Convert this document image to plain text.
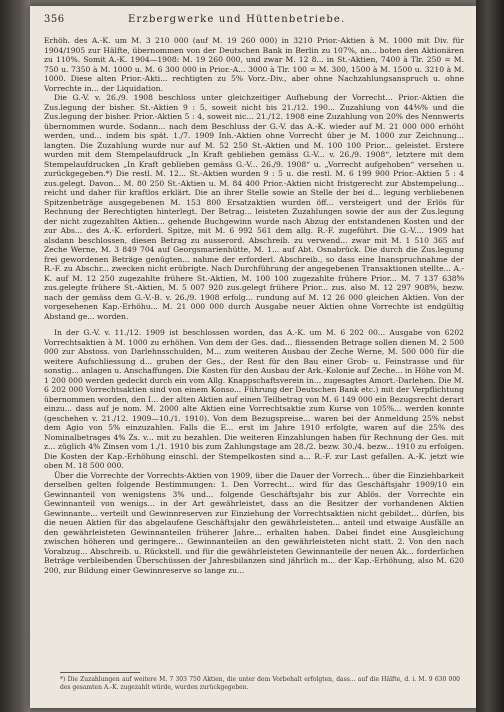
356	Erzbergwerke und Hüttenbetriebe.

Erhöh. des A.-K. um M. 3 210 000 (auf M. 19 260 000) in 3210 Prior.-Aktien à M. 1000 mit Div. für 1904/1905 zur Hälfte, übernommen von der Deutschen Bank in Berlin zu 107%, an... boten den Aktionären zu 110%. Somit A.-K. 1904—1908: M. 19 260 000, und zwar M. 12 8... in St.-Aktien, 7400 à Tlr. 250 = M. 750 u. 7350 à M. 1000 u. M. 6 300 000 in Prior.-A... 3000 à Tlr. 100 = M. 300, 1500 à M. 1500 u. 3210 à M. 1000. Diese alten Prior.-Akti... rechtigten zu 5% Vorz.-Div., aber ohne Nachzahlungsanspruch u. ohne Vorrechte in... der Liquidation.

Die G.-V. v. 26./9. 1908 beschloss unter gleichzeitiger Aufhebung der Vorrecht... Prior.-Aktien die Zus.legung der bisher. St.-Aktien 9 : 5, soweit nicht bis 21./12. 190... Zuzahlung von 44⁴⁄₉% und die Zus.legung der bisher. Prior.-Aktien 5 : 4, soweit nic... 21./12. 1908 eine Zuzahlung von 20% des Nennwerts übernommen wurde. Sodann... nach dem Beschluss der G.-V. das A.-K. wieder auf M. 21 000 000 erhöht werden, und... indem bis spät. 1./7. 1909 Inh.-Aktien ohne Vorrecht über je M. 1000 zur Zeichnung... langten. Die Zuzahlung wurde nur auf M. 52 250 St.-Aktien und M. 100 100 Prior... geleistet. Erstere wurden mit dem Stempelaufdruck „In Kraft geblieben gemäss G.-V... v. 26./9. 1908“, letztere mit dem Stempelaufdrucken „In Kraft geblieben gemäss G.-V... 26./9. 1908“ u. „Vorrecht aufgehoben“ versehen u. zurückgegeben.*) Die restl. M. 12... St.-Aktien wurden 9 : 5 u. die restl. M. 6 199 900 Prior.-Aktien 5 : 4 zus.gelegt. Davon... M. 80 250 St.-Aktien u. M. 84 400 Prior.-Aktien nicht fristgerecht zur Abstempelung... reicht und daher für kraftlos erklärt. Die an ihrer Stelle sowie an Stelle der bei d... legung verbliebenen Spitzenbeträge ausgegebenen M. 153 800 Ersatzaktien wurden öff... versteigert und der Erlös für Rechnung der Berechtigten hinterlegt. Der Betrag... leisteten Zuzahlungen sowie der aus der Zus.legung der nicht zugezahlten Aktien... gehende Buchgewinn wurde nach Abzug der entstandenen Kosten und der zur Abs... des A.-K. erforderl. Spitze, mit M. 6 992 561 dem allg. R.-F. zugeführt. Die G.-V.... 1909 hat alsdann beschlossen, diesen Betrag zu ausserord. Abschreib. zu verwend... zwar mit M. 1 510 365 auf Zeche Werne, M. 3 849 704 auf Georgsmarienhütte, M. 1... auf Abt. Osnabrück. Die durch die Zus.legung frei gewordenen Beträge genügten... nahme der erforderl. Abschreib., so dass eine Inanspruchnahme der R.-F. zu Abschr... zwecken nicht erübrigte. Nach Durchführung der angegebenen Transaktionen stellte... A.-K. auf M. 12 250 zugezahlte frühere St.-Aktien, M. 100 100 zugezahlte frühere Prior... M. 7 137 638⁸⁄₉ zus.gelegte frühere St.-Aktien, M. 5 007 920 zus.gelegt frühere Prior... zus. also M. 12 297 908⁸⁄₉, bezw. nach der gemäss dem G.-V.-B. v. 26./9. 1908 erfolg... rundung auf M. 12 26 000 gleichen Aktien. Von der vorgesehenen Kap.-Erhöhu... M. 21 000 000 durch Ausgabe neuer Aktien ohne Vorrechte ist endgültig Abstand ge... worden.

In der G.-V. v. 11./12. 1909 ist beschlossen worden, das A.-K. um M. 6 202 00... Ausgabe von 6202 Vorrechtsaktien à M. 1000 zu erhöhen. Von dem der Ges. dad... fliessenden Betrage sollen dienen M. 2 500 000 zur Abstoss. von Darlehnsschulden, M... zum weiteren Ausbau der Zeche Werne, M. 500 000 für die weitere Aufschliessung d... gruben der Ges., der Rest für den Bau einer Grob- u. Feinstrasse und für sonstig... anlagen u. Anschaffungen. Die Kosten für den Ausbau der Ark.-Kolonie auf Zeche... in Höhe von M. 1 200 000 werden gedeckt durch ein vom Allg. Knappschaftsverein in... zugesagtes Amort.-Darlehen. Die M. 6 202 000 Vorrechtsaktien sind von einem Konso... Führung der Deutschen Bank etc.) mit der Verpflichtung übernommen worden, den I... der alten Aktien auf einen Teilbetrag von M. 6 149 000 ein Bezugsrecht derart einzu... dass auf je nom. M. 2000 alte Aktien eine Vorrechtsaktie zum Kurse von 105%... werden konnte (geschehen v. 21./12. 1909—10./1. 1910). Von dem Bezugspreise... waren bei der Anmeldung 25% nebst dem Agio von 5% einzuzahlen. Falls die E... erst im Jahre 1910 erfolgte, waren auf die 25% des Nominalbetrages 4% Zs. v... mit zu bezahlen. Die weiteren Einzahlungen haben für Rechnung der Ges. mit z... züglich 4% Zinsen vom 1./1. 1910 bis zum Zahlungstage am 28./2. bezw. 30./4. bezw... 1910 zu erfolgen. Die Kosten der Kap.-Erhöhung einschl. der Stempelkosten sind a... R.-F. zur Last gefallen. A.-K. jetzt wie oben M. 18 500 000.

Über die Vorrechte der Vorrechts-Aktien von 1909, über die Dauer der Vorrech... über die Einziehbarkeit derselben gelten folgende Bestimmungen: 1. Den Vorrecht... wird für das Geschäftsjahr 1909/10 ein Gewinnanteil von wenigstens 3% und... folgende Geschäftsjahr bis zur Ablös. der Vorrechte ein Gewinnanteil von wenigs... in der Art gewährleistet, dass an die Besitzer der vorhandenen Aktien Gewinnante... verteilt und Gewinnreserven zur Einziehung der Vorrechtsaktien nicht gebildet... dürfen, bis die neuen Aktien für das abgelaufene Geschäftsjahr den gewährleisteten... anteil und etwaige Ausfälle an den gewährleisteten Gewinnanteilen früherer Jahre... erhalten haben. Dabei findet eine Ausgleichung zwischen höheren und geringere... Gewinnanteilen an den gewährleisteten nicht statt. 2. Von den nach Vorabzug... Abschreib. u. Rückstell. und für die gewährleisteten Gewinnanteile der neuen Ak... forderlichen Beträge verbleibenden Überschüssen der Jahresbilanzen sind jährlich m... der Kap.-Erhöhung, also M. 620 200, zur Bildung einer Gewinnreserve so lange zu...

*) Die Zuzahlungen auf weitere M. 7 303 750 Aktien, die unter dem Vorbehalt erfolgten, dass... auf die Hälfte, d. i. M. 9 630 000 des gesamten A.-K. zugezahlt würde, wurden zurückgegeben.
